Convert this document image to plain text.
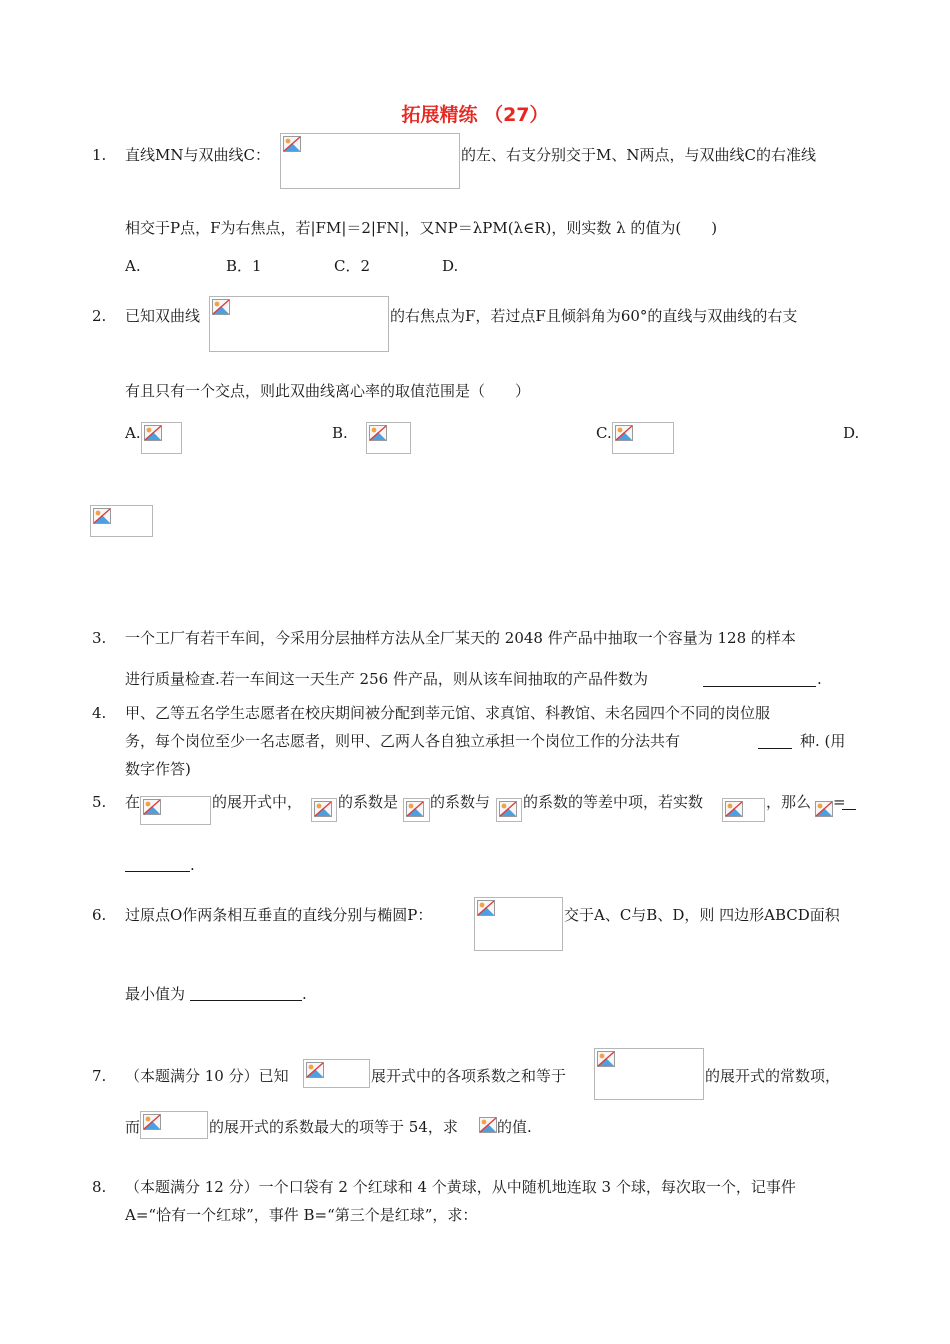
拓展精练 （27）
1. 直线MN与双曲线C：	的左、右支分别交于M、N两点，与双曲线C的右准线
相交于P点，F为右焦点，若|FM|＝2|FN|，又NP＝λPM(λ∈R)，则实数 λ 的值为(　　)
A.	B．1	C．2	D.
2. 已知双曲线	的右焦点为F，若过点F且倾斜角为60°的直线与双曲线的右支
有且只有一个交点，则此双曲线离心率的取值范围是（　　）
A.	B.	C.	D.
3. 一个工厂有若干车间，今采用分层抽样方法从全厂某天的 2048 件产品中抽取一个容量为 128 的样本
进行质量检查.若一车间这一天生产 256 件产品，则从该车间抽取的产品件数为	.
4. 甲、乙等五名学生志愿者在校庆期间被分配到莘元馆、求真馆、科教馆、未名园四个不同的岗位服
务，每个岗位至少一名志愿者，则甲、乙两人各自独立承担一个岗位工作的分法共有	种. (用
数字作答)
5. 在	的展开式中， 的系数是 的系数与 的系数的等差中项，若实数	，那么 =
.
6. 过原点O作两条相互垂直的直线分别与椭圆P：	交于A、C与B、D，则 四边形ABCD面积
最小值为	.
7. （本题满分 10 分）已知	展开式中的各项系数之和等于	的展开式的常数项，
而	的展开式的系数最大的项等于 54，求	的值.
8. （本题满分 12 分）一个口袋有 2 个红球和 4 个黄球，从中随机地连取 3 个球，每次取一个，记事件
A=“恰有一个红球”，事件 B=“第三个是红球”，求：
